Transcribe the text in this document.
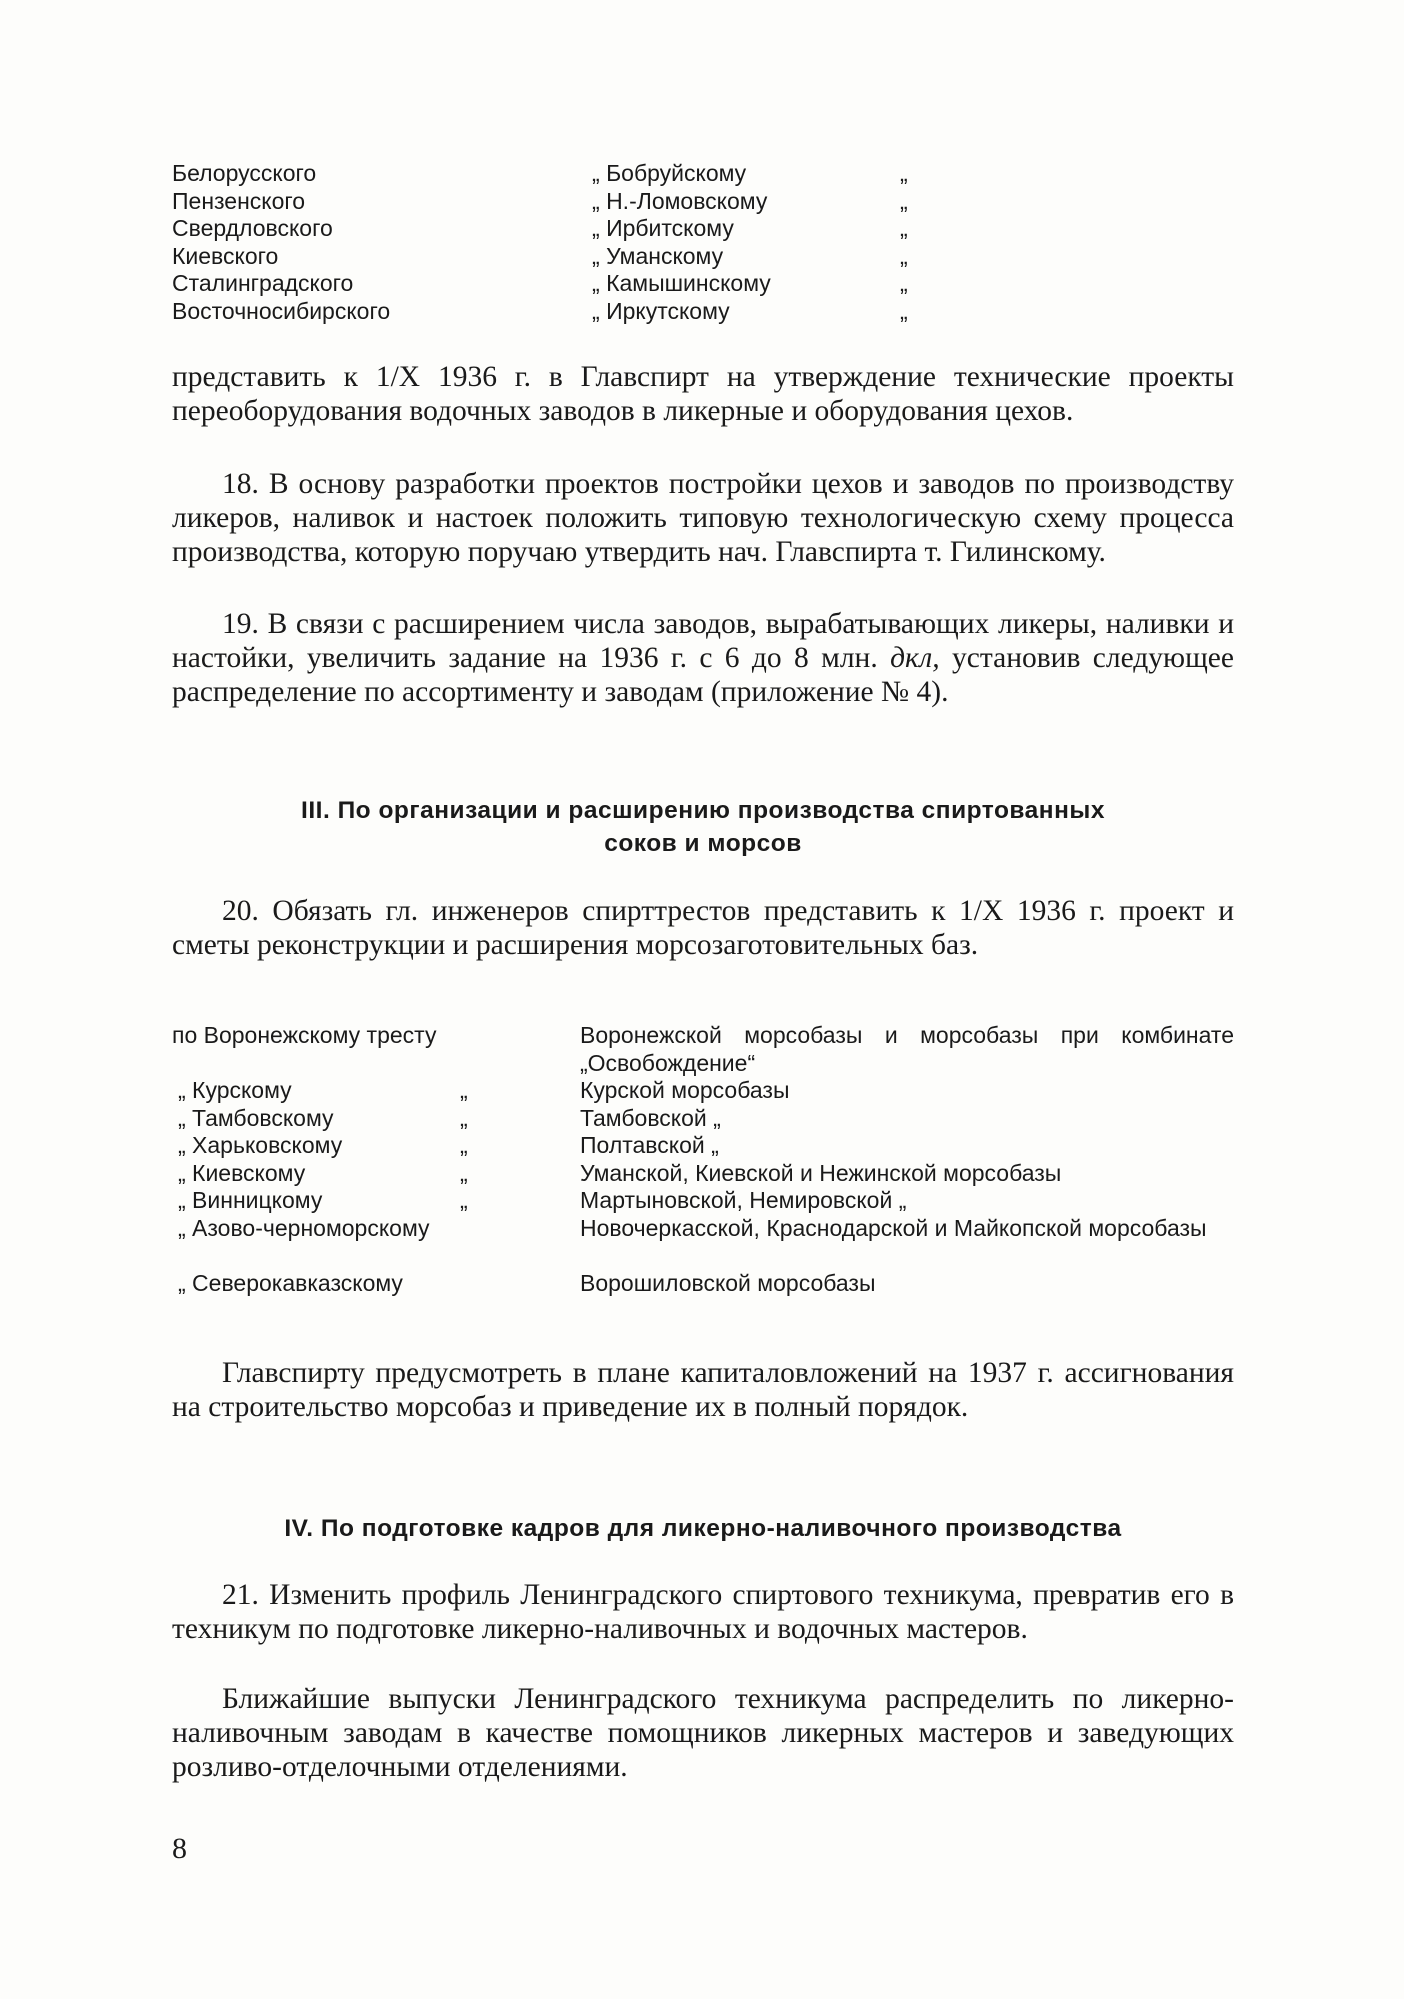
Белорусского	„ Бобруйскому	„
Пензенского	„ Н.-Ломовскому	„
Свердловского	„ Ирбитскому	„
Киевского	„ Уманскому	„
Сталинградского	„ Камышинскому	„
Восточносибирского	„ Иркутскому	„

представить к 1/X 1936 г. в Главспирт на утверждение технические проекты переоборудования водочных заводов в ликерные и оборудования цехов.

18. В основу разработки проектов постройки цехов и заводов по производству ликеров, наливок и настоек положить типовую технологическую схему процесса производства, которую поручаю утвердить нач. Главспирта т. Гилинскому.

19. В связи с расширением числа заводов, вырабатывающих ликеры, наливки и настойки, увеличить задание на 1936 г. с 6 до 8 млн. дкл, установив следующее распределение по ассортименту и заводам (приложение № 4).

III. По организации и расширению производства спиртованных
соков и морсов

20. Обязать гл. инженеров спирттрестов представить к 1/X 1936 г. проект и сметы реконструкции и расширения морсозаготовительных баз.

по Воронежскому тресту	Воронежской морсобазы и морсобазы при комбинате „Освобождение“
„ Курскому	„	Курской морсобазы
„ Тамбовскому	„	Тамбовской „
„ Харьковскому	„	Полтавской „
„ Киевскому	„	Уманской, Киевской и Нежинской морсобазы
„ Винницкому	„	Мартыновской, Немировской „
„ Азово-черноморскому	Новочеркасской, Краснодарской и Майкопской морсобазы
„ Северокавказскому	Ворошиловской морсобазы

Главспирту предусмотреть в плане капиталовложений на 1937 г. ассигнования на строительство морсобаз и приведение их в полный порядок.

IV. По подготовке кадров для ликерно-наливочного производства

21. Изменить профиль Ленинградского спиртового техникума, превратив его в техникум по подготовке ликерно-наливочных и водочных мастеров.

Ближайшие выпуски Ленинградского техникума распределить по ликерно-наливочным заводам в качестве помощников ликерных мастеров и заведующих розливо-отделочными отделениями.

8
